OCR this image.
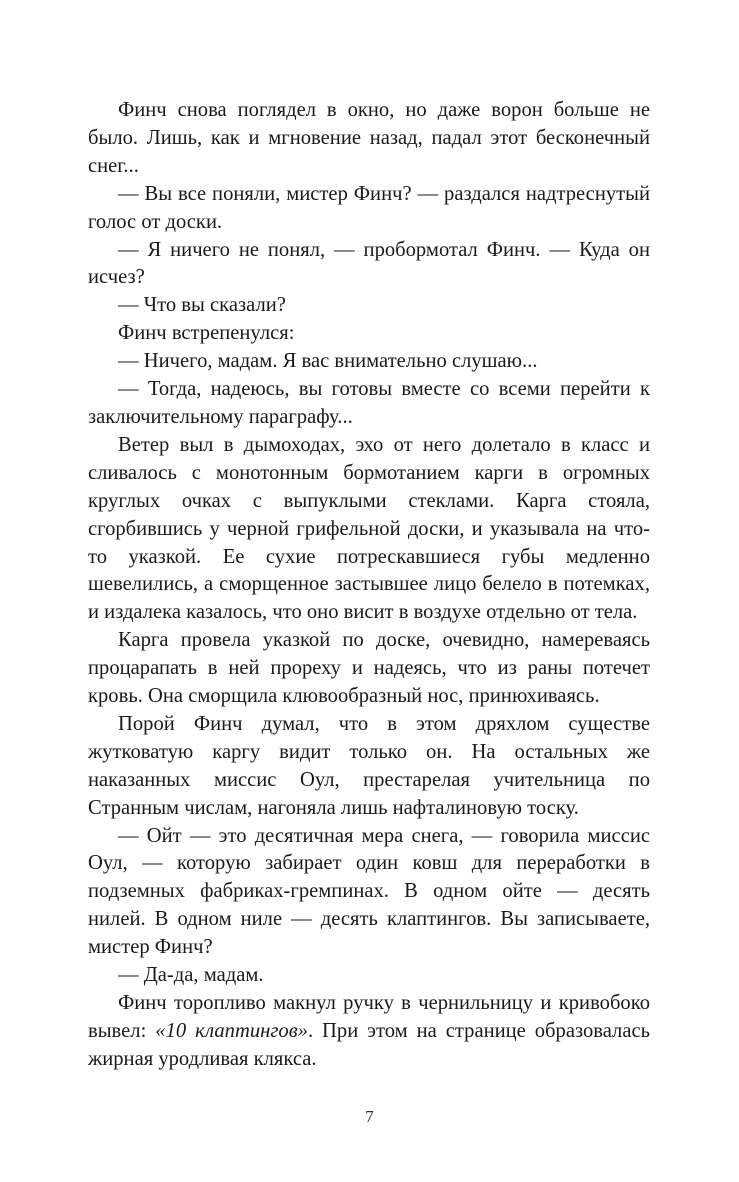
Финч снова поглядел в окно, но даже ворон больше не было. Лишь, как и мгновение назад, падал этот бесконечный снег...

— Вы все поняли, мистер Финч? — раздался надтреснутый голос от доски.

— Я ничего не понял, — пробормотал Финч. — Куда он исчез?

— Что вы сказали?

Финч встрепенулся:

— Ничего, мадам. Я вас внимательно слушаю...

— Тогда, надеюсь, вы готовы вместе со всеми перейти к заключительному параграфу...

Ветер выл в дымоходах, эхо от него долетало в класс и сливалось с монотонным бормотанием карги в огромных круглых очках с выпуклыми стеклами. Карга стояла, сгорбившись у черной грифельной доски, и указывала на что-то указкой. Ее сухие потрескавшиеся губы медленно шевелились, а сморщенное застывшее лицо белело в потемках, и издалека казалось, что оно висит в воздухе отдельно от тела.

Карга провела указкой по доске, очевидно, намереваясь процарапать в ней прореху и надеясь, что из раны потечет кровь. Она сморщила клювообразный нос, принюхиваясь.

Порой Финч думал, что в этом дряхлом существе жутковатую каргу видит только он. На остальных же наказанных миссис Оул, престарелая учительница по Странным числам, нагоняла лишь нафталиновую тоску.

— Ойт — это десятичная мера снега, — говорила миссис Оул, — которую забирает один ковш для переработки в подземных фабриках-гремпинах. В одном ойте — десять нилей. В одном ниле — десять клаптингов. Вы записываете, мистер Финч?

— Да-да, мадам.

Финч торопливо макнул ручку в чернильницу и кривобоко вывел: «10 клаптингов». При этом на странице образовалась жирная уродливая клякса.

7
